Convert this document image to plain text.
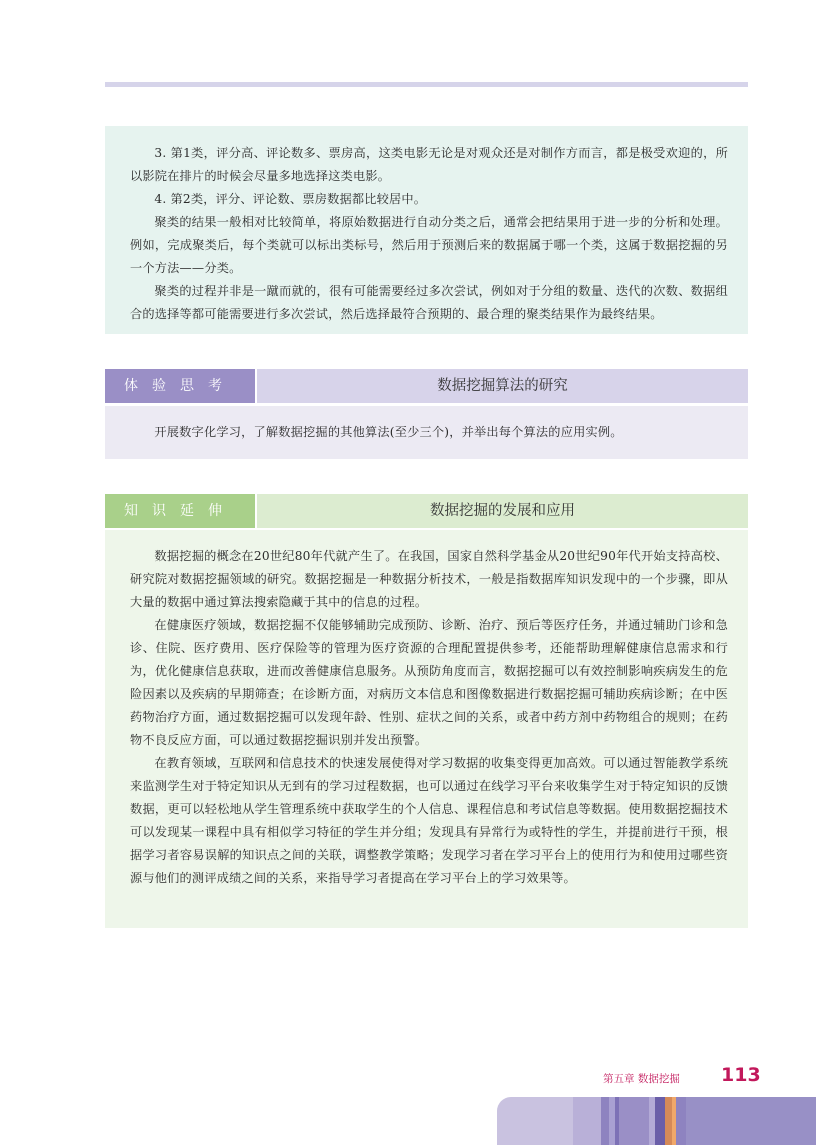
3. 第1类，评分高、评论数多、票房高，这类电影无论是对观众还是对制作方而言，都是极受欢迎的，所以影院在排片的时候会尽量多地选择这类电影。

4. 第2类，评分、评论数、票房数据都比较居中。

聚类的结果一般相对比较简单，将原始数据进行自动分类之后，通常会把结果用于进一步的分析和处理。例如，完成聚类后，每个类就可以标出类标号，然后用于预测后来的数据属于哪一个类，这属于数据挖掘的另一个方法——分类。

聚类的过程并非是一蹴而就的，很有可能需要经过多次尝试，例如对于分组的数量、迭代的次数、数据组合的选择等都可能需要进行多次尝试，然后选择最符合预期的、最合理的聚类结果作为最终结果。

体验思考	数据挖掘算法的研究

开展数字化学习，了解数据挖掘的其他算法(至少三个)，并举出每个算法的应用实例。

知识延伸	数据挖掘的发展和应用

数据挖掘的概念在20世纪80年代就产生了。在我国，国家自然科学基金从20世纪90年代开始支持高校、研究院对数据挖掘领域的研究。数据挖掘是一种数据分析技术，一般是指数据库知识发现中的一个步骤，即从大量的数据中通过算法搜索隐藏于其中的信息的过程。

在健康医疗领域，数据挖掘不仅能够辅助完成预防、诊断、治疗、预后等医疗任务，并通过辅助门诊和急诊、住院、医疗费用、医疗保险等的管理为医疗资源的合理配置提供参考，还能帮助理解健康信息需求和行为，优化健康信息获取，进而改善健康信息服务。从预防角度而言，数据挖掘可以有效控制影响疾病发生的危险因素以及疾病的早期筛查；在诊断方面，对病历文本信息和图像数据进行数据挖掘可辅助疾病诊断；在中医药物治疗方面，通过数据挖掘可以发现年龄、性别、症状之间的关系，或者中药方剂中药物组合的规则；在药物不良反应方面，可以通过数据挖掘识别并发出预警。

在教育领域，互联网和信息技术的快速发展使得对学习数据的收集变得更加高效。可以通过智能教学系统来监测学生对于特定知识从无到有的学习过程数据，也可以通过在线学习平台来收集学生对于特定知识的反馈数据，更可以轻松地从学生管理系统中获取学生的个人信息、课程信息和考试信息等数据。使用数据挖掘技术可以发现某一课程中具有相似学习特征的学生并分组；发现具有异常行为或特性的学生，并提前进行干预，根据学习者容易误解的知识点之间的关联，调整教学策略；发现学习者在学习平台上的使用行为和使用过哪些资源与他们的测评成绩之间的关系，来指导学习者提高在学习平台上的学习效果等。

第五章 数据挖掘 113
